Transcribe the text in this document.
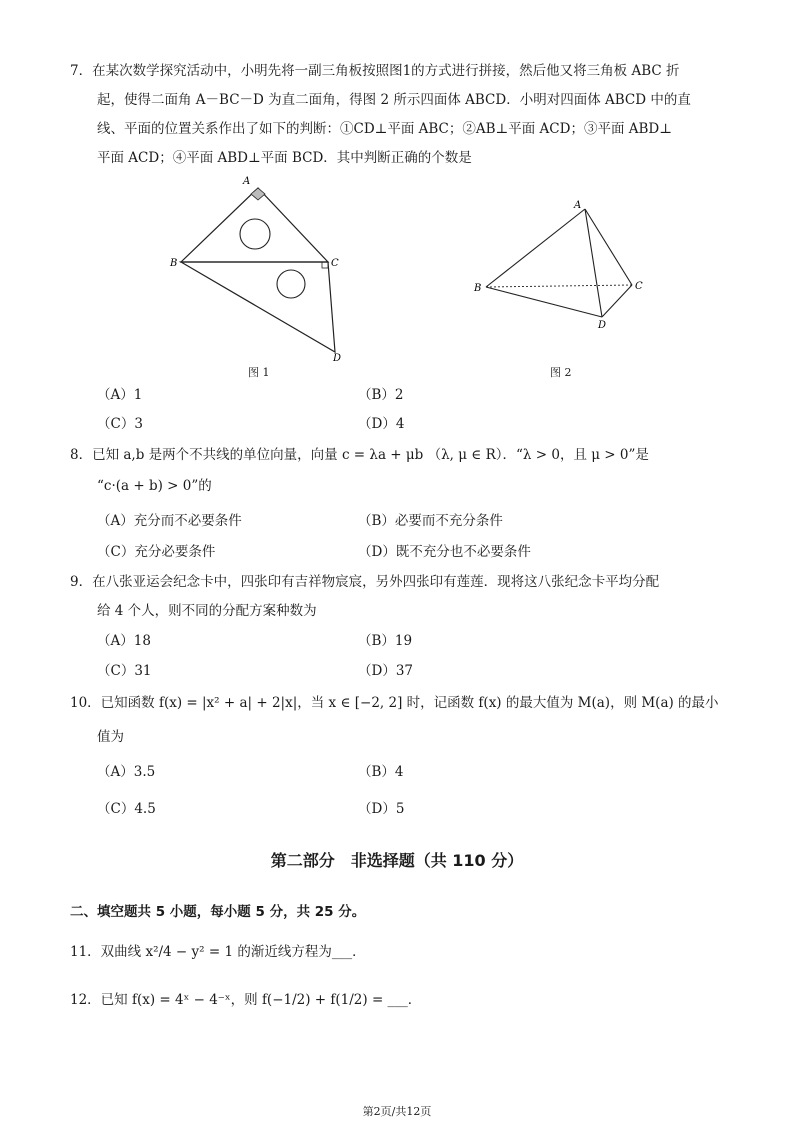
7．在某次数学探究活动中，小明先将一副三角板按照图1的方式进行拼接，然后他又将三角板 ABC 折
起，使得二面角 A－BC－D 为直二面角，得图 2 所示四面体 ABCD．小明对四面体 ABCD 中的直
线、平面的位置关系作出了如下的判断：①CD⊥平面 ABC；②AB⊥平面 ACD；③平面 ABD⊥
平面 ACD；④平面 ABD⊥平面 BCD．其中判断正确的个数是
A
B	C
D
图 1
A
B	C
D
图 2
（A）1	（B）2
（C）3	（D）4
8．已知 a,b 是两个不共线的单位向量，向量 c = λa + μb （λ, μ ∈ R）．“λ > 0，且 μ > 0”是
“c·(a + b) > 0”的
（A）充分而不必要条件	（B）必要而不充分条件
（C）充分必要条件	（D）既不充分也不必要条件
9．在八张亚运会纪念卡中，四张印有吉祥物宸宸，另外四张印有莲莲．现将这八张纪念卡平均分配
给 4 个人，则不同的分配方案种数为
（A）18	（B）19
（C）31	（D）37
10．已知函数 f(x) = |x² + a| + 2|x|，当 x ∈ [−2, 2] 时，记函数 f(x) 的最大值为 M(a)，则 M(a) 的最小
值为
（A）3.5	（B）4
（C）4.5	（D）5
第二部分　非选择题（共 110 分）
二、填空题共 5 小题，每小题 5 分，共 25 分。
11．双曲线 x²/4 − y² = 1 的渐近线方程为___．
12．已知 f(x) = 4ˣ − 4⁻ˣ，则 f(−1/2) + f(1/2) = ___．
第2页/共12页
